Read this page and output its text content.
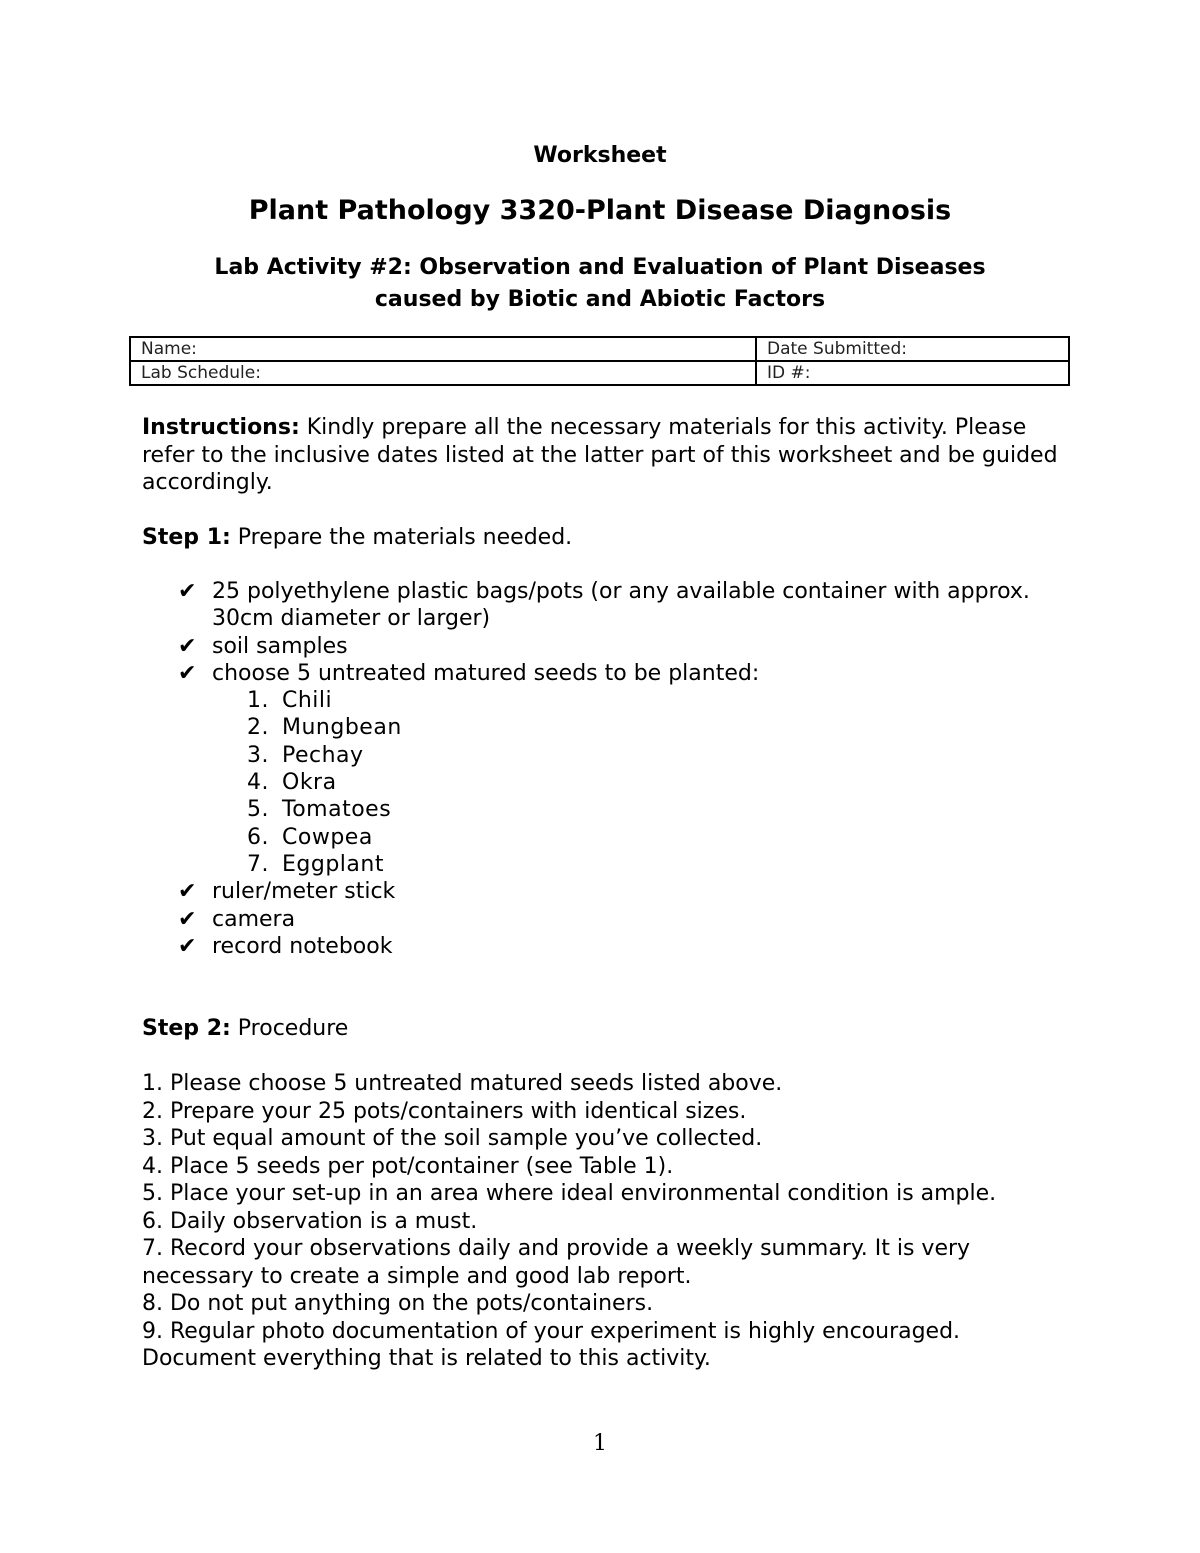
Worksheet
Plant Pathology 3320-Plant Disease Diagnosis
Lab Activity #2: Observation and Evaluation of Plant Diseases
caused by Biotic and Abiotic Factors
Name:	Date Submitted:
Lab Schedule:	ID #:
Instructions: Kindly prepare all the necessary materials for this activity. Please refer to the inclusive dates listed at the latter part of this worksheet and be guided accordingly.
Step 1: Prepare the materials needed.
✔ 25 polyethylene plastic bags/pots (or any available container with approx. 30cm diameter or larger)
✔ soil samples
✔ choose 5 untreated matured seeds to be planted:
1. Chili
2. Mungbean
3. Pechay
4. Okra
5. Tomatoes
6. Cowpea
7. Eggplant
✔ ruler/meter stick
✔ camera
✔ record notebook
Step 2: Procedure
1. Please choose 5 untreated matured seeds listed above.
2. Prepare your 25 pots/containers with identical sizes.
3. Put equal amount of the soil sample you’ve collected.
4. Place 5 seeds per pot/container (see Table 1).
5. Place your set-up in an area where ideal environmental condition is ample.
6. Daily observation is a must.
7. Record your observations daily and provide a weekly summary. It is very necessary to create a simple and good lab report.
8. Do not put anything on the pots/containers.
9. Regular photo documentation of your experiment is highly encouraged. Document everything that is related to this activity.
1
